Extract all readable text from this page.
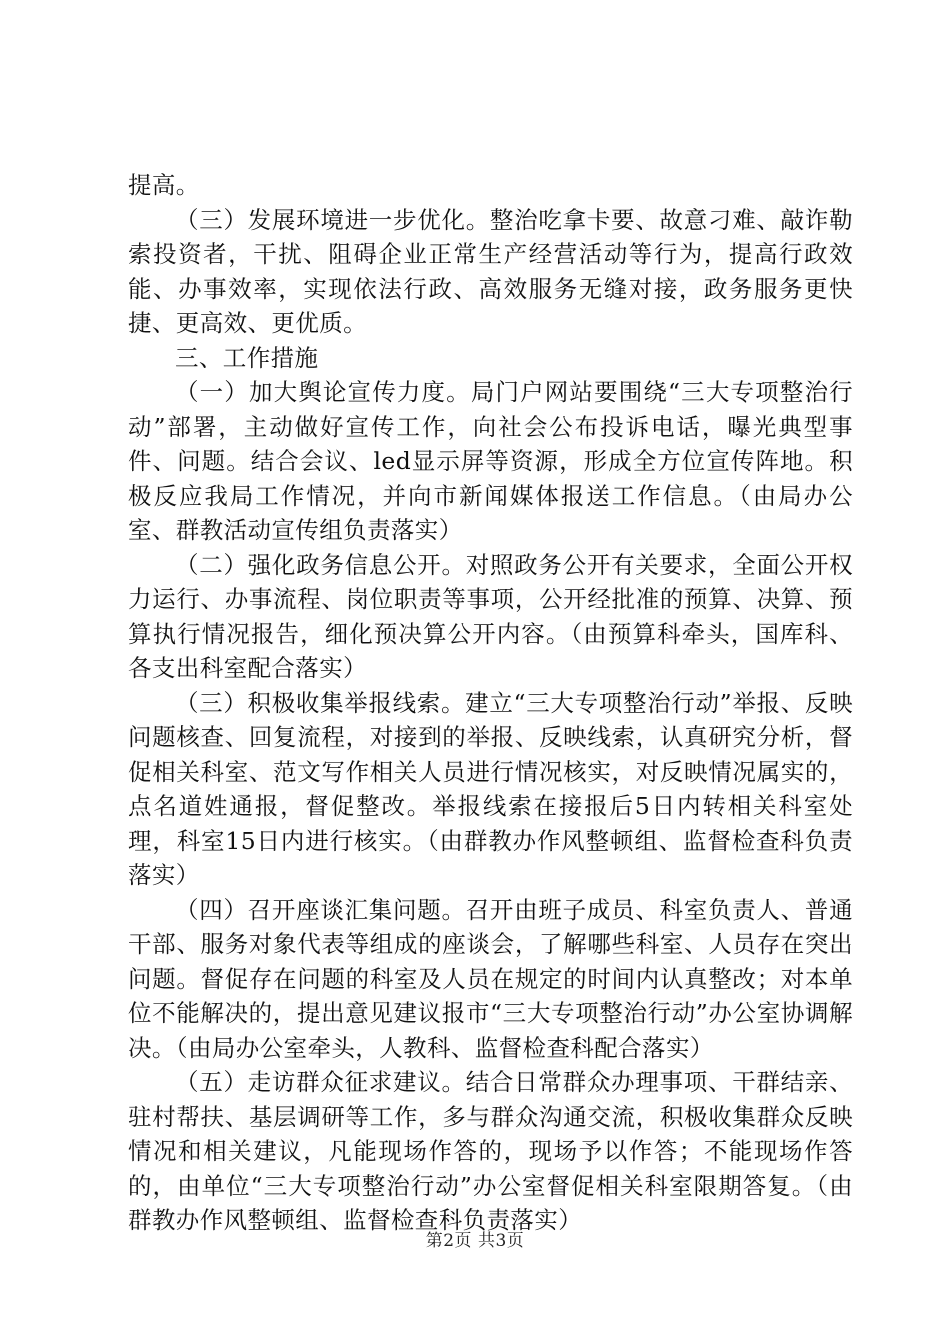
提高。

（三）发展环境进一步优化。整治吃拿卡要、故意刁难、敲诈勒索投资者，干扰、阻碍企业正常生产经营活动等行为，提高行政效能、办事效率，实现依法行政、高效服务无缝对接，政务服务更快捷、更高效、更优质。

三、工作措施

（一）加大舆论宣传力度。局门户网站要围绕“三大专项整治行动”部署，主动做好宣传工作，向社会公布投诉电话，曝光典型事件、问题。结合会议、led显示屏等资源，形成全方位宣传阵地。积极反应我局工作情况，并向市新闻媒体报送工作信息。（由局办公室、群教活动宣传组负责落实）

（二）强化政务信息公开。对照政务公开有关要求，全面公开权力运行、办事流程、岗位职责等事项，公开经批准的预算、决算、预算执行情况报告，细化预决算公开内容。（由预算科牵头，国库科、各支出科室配合落实）

（三）积极收集举报线索。建立“三大专项整治行动”举报、反映问题核查、回复流程，对接到的举报、反映线索，认真研究分析，督促相关科室、范文写作相关人员进行情况核实，对反映情况属实的，点名道姓通报，督促整改。举报线索在接报后5日内转相关科室处理，科室15日内进行核实。（由群教办作风整顿组、监督检查科负责落实）

（四）召开座谈汇集问题。召开由班子成员、科室负责人、普通干部、服务对象代表等组成的座谈会，了解哪些科室、人员存在突出问题。督促存在问题的科室及人员在规定的时间内认真整改；对本单位不能解决的，提出意见建议报市“三大专项整治行动”办公室协调解决。（由局办公室牵头，人教科、监督检查科配合落实）

（五）走访群众征求建议。结合日常群众办理事项、干群结亲、驻村帮扶、基层调研等工作，多与群众沟通交流，积极收集群众反映情况和相关建议，凡能现场作答的，现场予以作答；不能现场作答的，由单位“三大专项整治行动”办公室督促相关科室限期答复。（由群教办作风整顿组、监督检查科负责落实）

第2页 共3页
